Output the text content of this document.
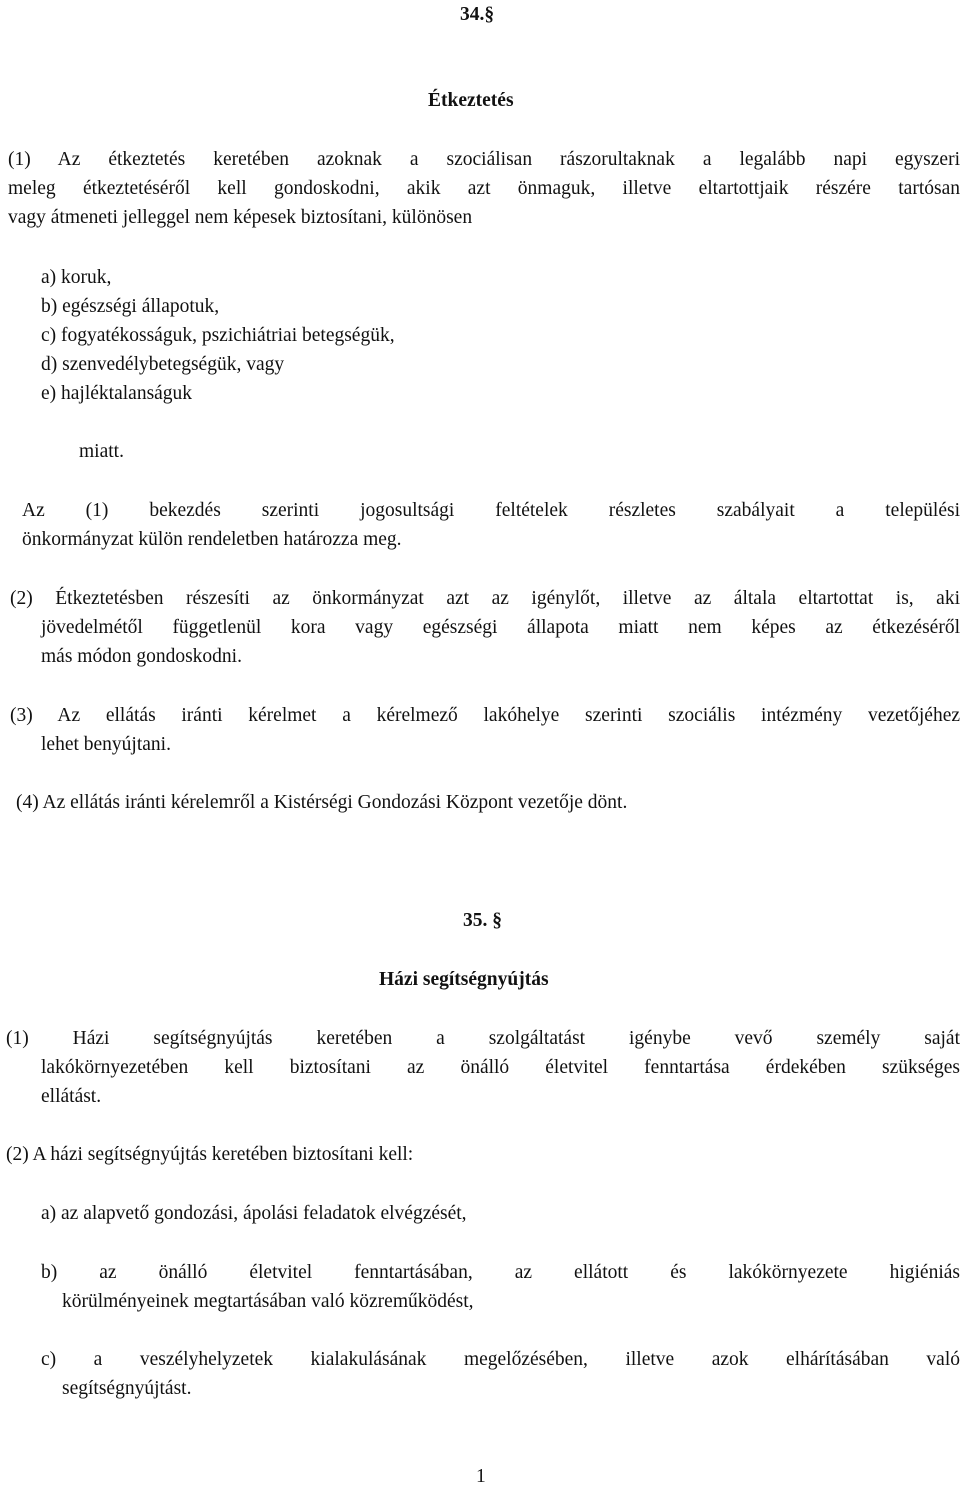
34.§
Étkeztetés
(1) Az étkeztetés keretében azoknak a szociálisan rászorultaknak a legalább napi egyszeri
meleg étkeztetéséről kell gondoskodni, akik azt önmaguk, illetve eltartottjaik részére tartósan
vagy átmeneti jelleggel nem képesek biztosítani, különösen
a) koruk,
b) egészségi állapotuk,
c) fogyatékosságuk, pszichiátriai betegségük,
d) szenvedélybetegségük, vagy
e) hajléktalanságuk
miatt.
Az (1) bekezdés szerinti jogosultsági feltételek részletes szabályait a települési
önkormányzat külön rendeletben határozza meg.
(2) Étkeztetésben részesíti az önkormányzat azt az igénylőt, illetve az általa eltartottat is, aki
jövedelmétől függetlenül kora vagy egészségi állapota miatt nem képes az étkezéséről
más módon gondoskodni.
(3) Az ellátás iránti kérelmet a kérelmező lakóhelye szerinti szociális intézmény vezetőjéhez
lehet benyújtani.
(4) Az ellátás iránti kérelemről a Kistérségi Gondozási Központ vezetője dönt.
35. §
Házi segítségnyújtás
(1) Házi segítségnyújtás keretében a szolgáltatást igénybe vevő személy saját
lakókörnyezetében kell biztosítani az önálló életvitel fenntartása érdekében szükséges
ellátást.
(2) A házi segítségnyújtás keretében biztosítani kell:
a) az alapvető gondozási, ápolási feladatok elvégzését,
b) az önálló életvitel fenntartásában, az ellátott és lakókörnyezete higiéniás
körülményeinek megtartásában való közreműködést,
c) a veszélyhelyzetek kialakulásának megelőzésében, illetve azok elhárításában való
segítségnyújtást.
1
